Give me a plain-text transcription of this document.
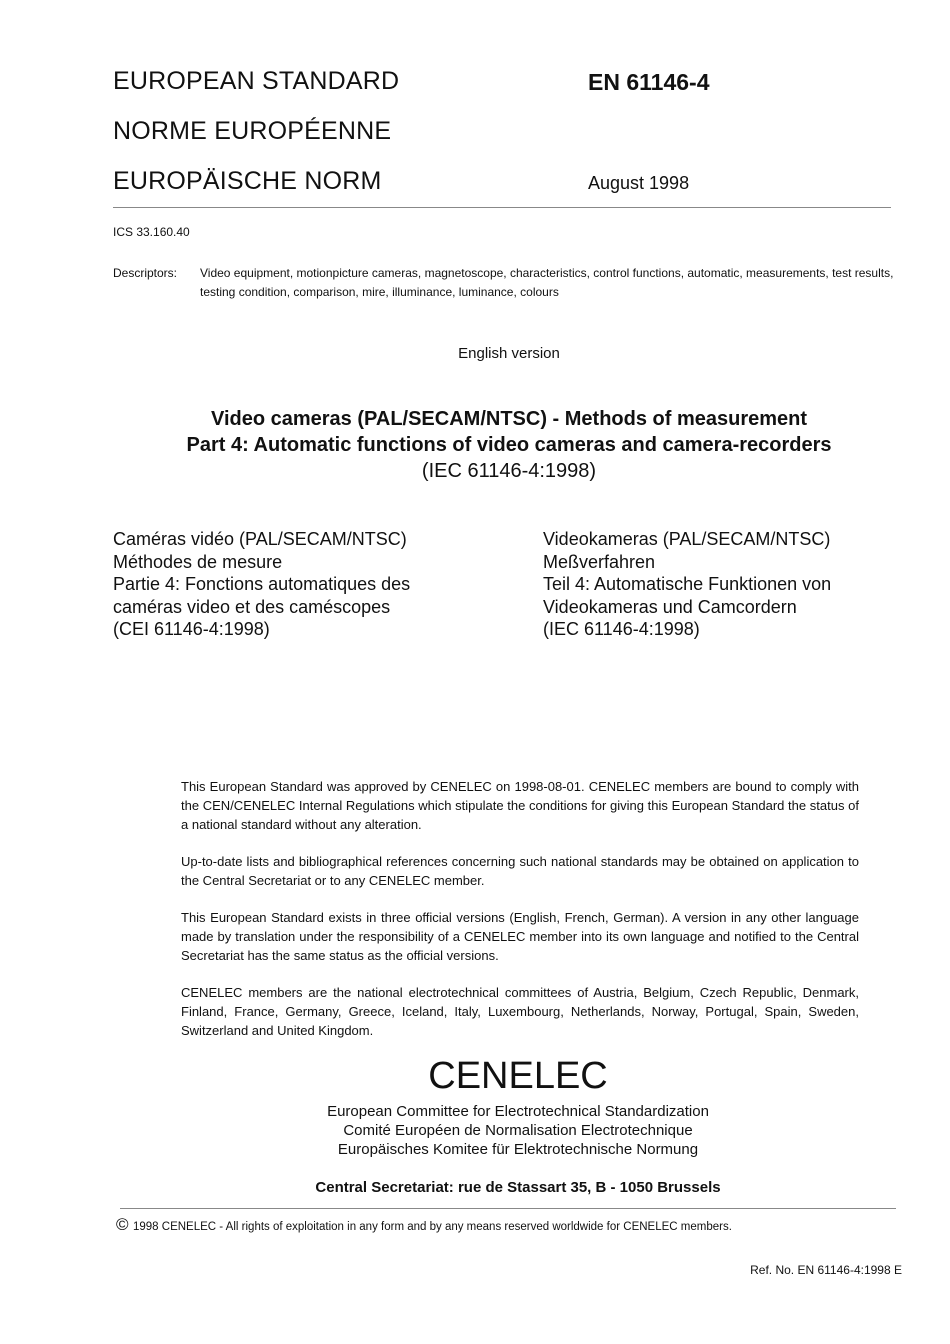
EUROPEAN STANDARD	EN 61146-4
NORME EUROPÉENNE
EUROPÄISCHE NORM	August 1998
ICS 33.160.40
Descriptors: Video equipment, motionpicture cameras, magnetoscope, characteristics, control functions, automatic, measurements, test results, testing condition, comparison, mire, illuminance, luminance, colours
English version
Video cameras (PAL/SECAM/NTSC) - Methods of measurement
Part 4: Automatic functions of video cameras and camera-recorders
(IEC 61146-4:1998)
Caméras vidéo (PAL/SECAM/NTSC)
Méthodes de mesure
Partie 4: Fonctions automatiques des
caméras video et des caméscopes
(CEI 61146-4:1998)
Videokameras (PAL/SECAM/NTSC)
Meßverfahren
Teil 4: Automatische Funktionen von
Videokameras und Camcordern
(IEC 61146-4:1998)
This European Standard was approved by CENELEC on 1998-08-01. CENELEC members are bound to comply with the CEN/CENELEC Internal Regulations which stipulate the conditions for giving this European Standard the status of a national standard without any alteration.
Up-to-date lists and bibliographical references concerning such national standards may be obtained on application to the Central Secretariat or to any CENELEC member.
This European Standard exists in three official versions (English, French, German). A version in any other language made by translation under the responsibility of a CENELEC member into its own language and notified to the Central Secretariat has the same status as the official versions.
CENELEC members are the national electrotechnical committees of Austria, Belgium, Czech Republic, Denmark, Finland, France, Germany, Greece, Iceland, Italy, Luxembourg, Netherlands, Norway, Portugal, Spain, Sweden, Switzerland and United Kingdom.
CENELEC
European Committee for Electrotechnical Standardization
Comité Européen de Normalisation Electrotechnique
Europäisches Komitee für Elektrotechnische Normung
Central Secretariat: rue de Stassart 35, B - 1050 Brussels
© 1998 CENELEC - All rights of exploitation in any form and by any means reserved worldwide for CENELEC members.
Ref. No. EN 61146-4:1998 E
